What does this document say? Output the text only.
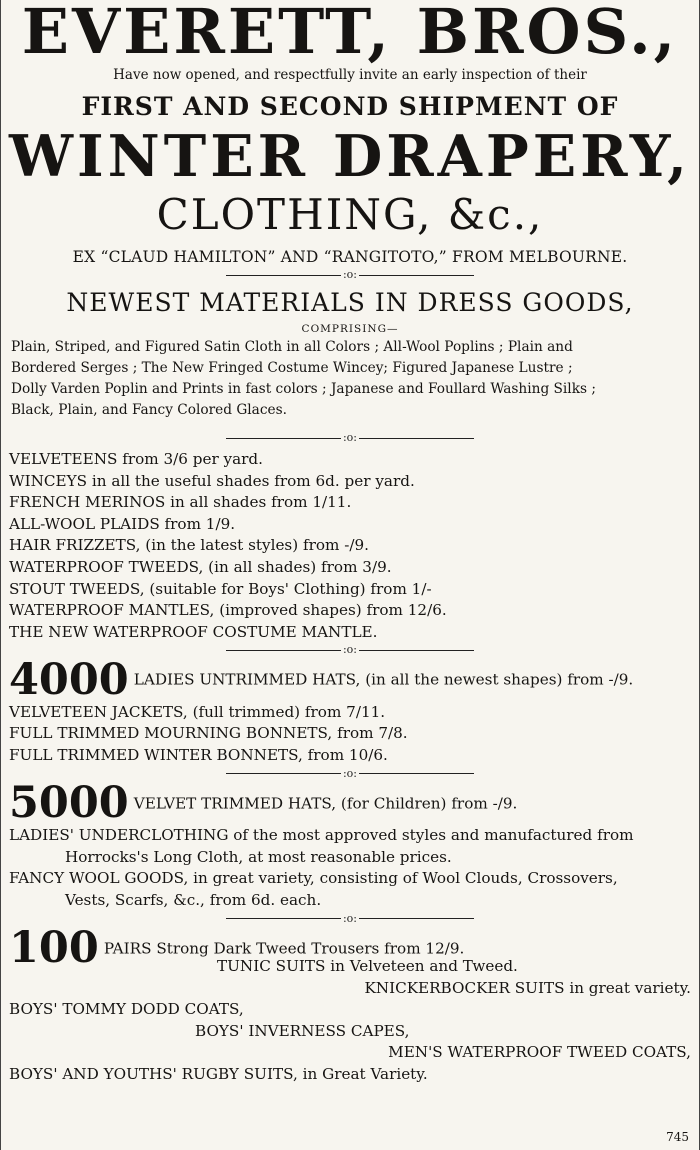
EVERETT, BROS.,
Have now opened, and respectfully invite an early inspection of their
FIRST AND SECOND SHIPMENT OF
WINTER DRAPERY,
CLOTHING, &c.,
EX “CLAUD HAMILTON” AND “RANGITOTO,” FROM MELBOURNE.
:o:
NEWEST MATERIALS IN DRESS GOODS,
COMPRISING—
Plain, Striped, and Figured Satin Cloth in all Colors ; All-Wool Poplins ; Plain and
Bordered Serges ; The New Fringed Costume Wincey; Figured Japanese Lustre ;
Dolly Varden Poplin and Prints in fast colors ; Japanese and Foullard Washing Silks ;
Black, Plain, and Fancy Colored Glaces.
:o:
VELVETEENS from 3/6 per yard.
WINCEYS in all the useful shades from 6d. per yard.
FRENCH MERINOS in all shades from 1/11.
ALL-WOOL PLAIDS from 1/9.
HAIR FRIZZETS, (in the latest styles) from -/9.
WATERPROOF TWEEDS, (in all shades) from 3/9.
STOUT TWEEDS, (suitable for Boys' Clothing) from 1/-
WATERPROOF MANTLES, (improved shapes) from 12/6.
THE NEW WATERPROOF COSTUME MANTLE.
:o:
4000 LADIES UNTRIMMED HATS, (in all the newest shapes) from -/9.
VELVETEEN JACKETS, (full trimmed) from 7/11.
FULL TRIMMED MOURNING BONNETS, from 7/8.
FULL TRIMMED WINTER BONNETS, from 10/6.
:o:
5000 VELVET TRIMMED HATS, (for Children) from -/9.
LADIES' UNDERCLOTHING of the most approved styles and manufactured from
Horrocks's Long Cloth, at most reasonable prices.
FANCY WOOL GOODS, in great variety, consisting of Wool Clouds, Crossovers,
Vests, Scarfs, &c., from 6d. each.
:o:
100 PAIRS Strong Dark Tweed Trousers from 12/9.
TUNIC SUITS in Velveteen and Tweed.
KNICKERBOCKER SUITS in great variety.
BOYS' TOMMY DODD COATS,
BOYS' INVERNESS CAPES,
MEN'S WATERPROOF TWEED COATS,
BOYS' AND YOUTHS' RUGBY SUITS, in Great Variety.
745
